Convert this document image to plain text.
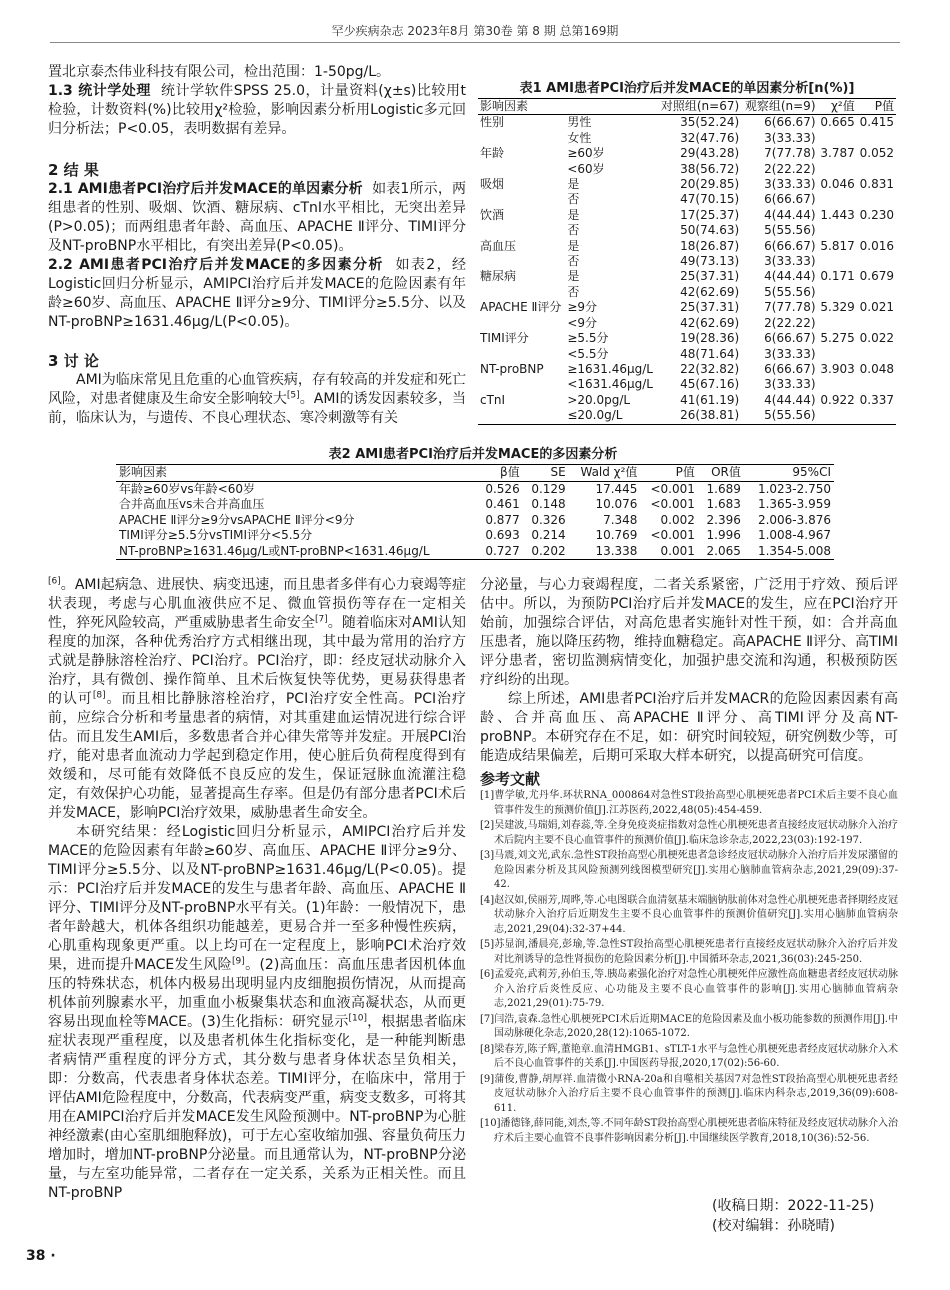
罕少疾病杂志 2023年8月 第30卷 第 8 期 总第169期

置北京泰杰伟业科技有限公司，检出范围：1-50pg/L。

1.3 统计学处理 统计学软件SPSS 25.0，计量资料(χ±s)比较用t检验，计数资料(%)比较用χ²检验，影响因素分析用Logistic多元回归分析法；P<0.05，表明数据有差异。

2 结 果

2.1 AMI患者PCI治疗后并发MACE的单因素分析 如表1所示，两组患者的性别、吸烟、饮酒、糖尿病、cTnI水平相比，无突出差异(P>0.05)；而两组患者年龄、高血压、APACHE Ⅱ评分、TIMI评分及NT-proBNP水平相比，有突出差异(P<0.05)。

2.2 AMI患者PCI治疗后并发MACE的多因素分析 如表2，经Logistic回归分析显示，AMIPCI治疗后并发MACE的危险因素有年龄≥60岁、高血压、APACHE Ⅱ评分≥9分、TIMI评分≥5.5分、以及NT-proBNP≥1631.46μg/L(P<0.05)。

3 讨 论

AMI为临床常见且危重的心血管疾病，存有较高的并发症和死亡风险，对患者健康及生命安全影响较大[5]。AMI的诱发因素较多，当前，临床认为，与遗传、不良心理状态、寒冷刺激等有关

表1 AMI患者PCI治疗后并发MACE的单因素分析[n(%)]
影响因素		对照组(n=67)	观察组(n=9)	χ²值	P值
性别	男性	35(52.24)	6(66.67)	0.665	0.415
	女性	32(47.76)	3(33.33)		
年龄	≥60岁	29(43.28)	7(77.78)	3.787	0.052
	<60岁	38(56.72)	2(22.22)		
吸烟	是	20(29.85)	3(33.33)	0.046	0.831
	否	47(70.15)	6(66.67)		
饮酒	是	17(25.37)	4(44.44)	1.443	0.230
	否	50(74.63)	5(55.56)		
高血压	是	18(26.87)	6(66.67)	5.817	0.016
	否	49(73.13)	3(33.33)		
糖尿病	是	25(37.31)	4(44.44)	0.171	0.679
	否	42(62.69)	5(55.56)		
APACHE Ⅱ评分	≥9分	25(37.31)	7(77.78)	5.329	0.021
	<9分	42(62.69)	2(22.22)		
TIMI评分	≥5.5分	19(28.36)	6(66.67)	5.275	0.022
	<5.5分	48(71.64)	3(33.33)		
NT-proBNP	≥1631.46μg/L	22(32.82)	6(66.67)	3.903	0.048
	<1631.46μg/L	45(67.16)	3(33.33)		
cTnI	>20.0pg/L	41(61.19)	4(44.44)	0.922	0.337
	≤20.0g/L	26(38.81)	5(55.56)		
表2 AMI患者PCI治疗后并发MACE的多因素分析
影响因素	β值	SE	Wald χ²值	P值	OR值	95%CI
年龄≥60岁vs年龄<60岁	0.526	0.129	17.445	<0.001	1.689	1.023-2.750
合并高血压vs未合并高血压	0.461	0.148	10.076	<0.001	1.683	1.365-3.959
APACHE Ⅱ评分≥9分vsAPACHE Ⅱ评分<9分	0.877	0.326	7.348	0.002	2.396	2.006-3.876
TIMI评分≥5.5分vsTIMI评分<5.5分	0.693	0.214	10.769	<0.001	1.996	1.008-4.967
NT-proBNP≥1631.46μg/L或NT-proBNP<1631.46μg/L	0.727	0.202	13.338	0.001	2.065	1.354-5.008

[6]。AMI起病急、进展快、病变迅速，而且患者多伴有心力衰竭等症状表现，考虑与心肌血液供应不足、微血管损伤等存在一定相关性，猝死风险较高，严重威胁患者生命安全[7]。随着临床对AMI认知程度的加深，各种优秀治疗方式相继出现，其中最为常用的治疗方式就是静脉溶栓治疗、PCI治疗。PCI治疗，即：经皮冠状动脉介入治疗，具有微创、操作简单、且术后恢复快等优势，更易获得患者的认可[8]。而且相比静脉溶栓治疗，PCI治疗安全性高。PCI治疗前，应综合分析和考量患者的病情，对其重建血运情况进行综合评估。而且发生AMI后，多数患者合并心律失常等并发症。开展PCI治疗，能对患者血流动力学起到稳定作用，使心脏后负荷程度得到有效缓和，尽可能有效降低不良反应的发生，保证冠脉血流灌注稳定，有效保护心功能，显著提高生存率。但是仍有部分患者PCI术后并发MACE，影响PCI治疗效果，威胁患者生命安全。

本研究结果：经Logistic回归分析显示，AMIPCI治疗后并发MACE的危险因素有年龄≥60岁、高血压、APACHE Ⅱ评分≥9分、TIMI评分≥5.5分、以及NT-proBNP≥1631.46μg/L(P<0.05)。提示：PCI治疗后并发MACE的发生与患者年龄、高血压、APACHE Ⅱ评分、TIMI评分及NT-proBNP水平有关。(1)年龄：一般情况下，患者年龄越大，机体各组织功能越差，更易合并一至多种慢性疾病，心肌重构现象更严重。以上均可在一定程度上，影响PCI术治疗效果，进而提升MACE发生风险[9]。(2)高血压：高血压患者因机体血压的特殊状态，机体内极易出现明显内皮细胞损伤情况，从而提高机体前列腺素水平，加重血小板聚集状态和血液高凝状态，从而更容易出现血栓等MACE。(3)生化指标：研究显示[10]，根据患者临床症状表现严重程度，以及患者机体生化指标变化，是一种能判断患者病情严重程度的评分方式，其分数与患者身体状态呈负相关，即：分数高，代表患者身体状态差。TIMI评分，在临床中，常用于评估AMI危险程度中，分数高，代表病变严重，病变支数多，可将其用在AMIPCI治疗后并发MACE发生风险预测中。NT-proBNP为心脏神经激素(由心室肌细胞释放)，可于左心室收缩加强、容量负荷压力增加时，增加NT-proBNP分泌量。而且通常认为，NT-proBNP分泌量，与左室功能异常，二者存在一定关系，关系为正相关性。而且NT-proBNP

分泌量，与心力衰竭程度，二者关系紧密，广泛用于疗效、预后评估中。所以，为预防PCI治疗后并发MACE的发生，应在PCI治疗开始前，加强综合评估，对高危患者实施针对性干预，如：合并高血压患者，施以降压药物，维持血糖稳定。高APACHE Ⅱ评分、高TIMI评分患者，密切监测病情变化，加强护患交流和沟通，积极预防医疗纠纷的出现。

综上所述，AMI患者PCI治疗后并发MACR的危险因素因素有高龄、合并高血压、高APACHE Ⅱ评分、高TIMI评分及高NT-proBNP。本研究存在不足，如：研究时间较短，研究例数少等，可能造成结果偏差，后期可采取大样本研究，以提高研究可信度。

参考文献

[1]曹学敏,尤丹华.环状RNA_000864对急性ST段抬高型心肌梗死患者PCI术后主要不良心血管事件发生的预测价值[J].江苏医药,2022,48(05):454-459.

[2]吴建波,马瑞娟,刘春蕊,等.全身免疫炎症指数对急性心肌梗死患者直接经皮冠状动脉介入治疗术后院内主要不良心血管事件的预测价值[J].临床急诊杂志,2022,23(03):192-197.

[3]马震,刘文光,武东.急性ST段抬高型心肌梗死患者急诊经皮冠状动脉介入治疗后并发尿潴留的危险因素分析及其风险预测列线图模型研究[J].实用心脑肺血管病杂志,2021,29(09):37-42.

[4]赵汉如,侯丽芳,周晔,等.心电图联合血清氨基末端脑钠肽前体对急性心肌梗死患者择期经皮冠状动脉介入治疗后近期发生主要不良心血管事件的预测价值研究[J].实用心脑肺血管病杂志,2021,29(04):32-37+44.

[5]苏显润,潘晨亮,彭瑜,等.急性ST段抬高型心肌梗死患者行直接经皮冠状动脉介入治疗后并发对比剂诱导的急性肾损伤的危险因素分析[J].中国循环杂志,2021,36(03):245-250.

[6]孟爱亮,武莉芳,孙伯玉,等.胰岛素强化治疗对急性心肌梗死伴应激性高血糖患者经皮冠状动脉介入治疗后炎性反应、心功能及主要不良心血管事件的影响[J].实用心脑肺血管病杂志,2021,29(01):75-79.

[7]闫浩,袁森.急性心肌梗死PCI术后近期MACE的危险因素及血小板功能参数的预测作用[J].中国动脉硬化杂志,2020,28(12):1065-1072.

[8]梁春芳,陈子辉,董艳章.血清HMGB1、sTLT-1水平与急性心肌梗死患者经皮冠状动脉介入术后不良心血管事件的关系[J].中国医药导报,2020,17(02):56-60.

[9]蒲俊,曹静,胡厚祥.血清微小RNA-20a和自噬相关基因7对急性ST段抬高型心肌梗死患者经皮冠状动脉介入治疗后主要不良心血管事件的预测[J].临床内科杂志,2019,36(09):608-611.

[10]潘德锋,薛同能,刘杰,等.不同年龄ST段抬高型心肌梗死患者临床特征及经皮冠状动脉介入治疗术后主要心血管不良事件影响因素分析[J].中国继续医学教育,2018,10(36):52-56.

(收稿日期：2022-11-25)
(校对编辑：孙晓晴)
38 ·
